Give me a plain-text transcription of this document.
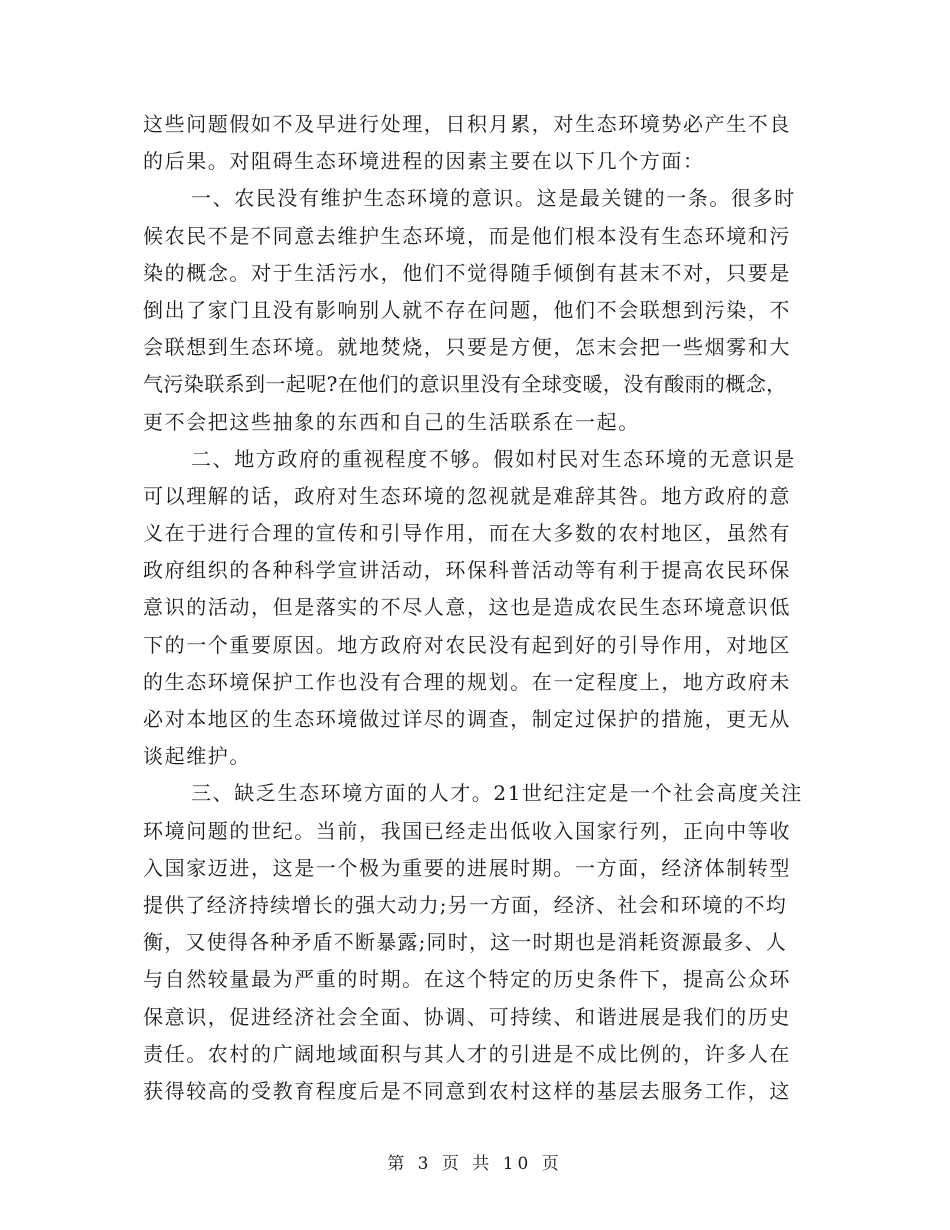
这些问题假如不及早进行处理，日积月累，对生态环境势必产生不良
的后果。对阻碍生态环境进程的因素主要在以下几个方面：
一、农民没有维护生态环境的意识。这是最关键的一条。很多时
候农民不是不同意去维护生态环境，而是他们根本没有生态环境和污
染的概念。对于生活污水，他们不觉得随手倾倒有甚末不对，只要是
倒出了家门且没有影响别人就不存在问题，他们不会联想到污染，不
会联想到生态环境。就地焚烧，只要是方便，怎末会把一些烟雾和大
气污染联系到一起呢?在他们的意识里没有全球变暖，没有酸雨的概念，
更不会把这些抽象的东西和自己的生活联系在一起。
二、地方政府的重视程度不够。假如村民对生态环境的无意识是
可以理解的话，政府对生态环境的忽视就是难辞其咎。地方政府的意
义在于进行合理的宣传和引导作用，而在大多数的农村地区，虽然有
政府组织的各种科学宣讲活动，环保科普活动等有利于提高农民环保
意识的活动，但是落实的不尽人意，这也是造成农民生态环境意识低
下的一个重要原因。地方政府对农民没有起到好的引导作用，对地区
的生态环境保护工作也没有合理的规划。在一定程度上，地方政府未
必对本地区的生态环境做过详尽的调查，制定过保护的措施，更无从
谈起维护。
三、缺乏生态环境方面的人才。21世纪注定是一个社会高度关注
环境问题的世纪。当前，我国已经走出低收入国家行列，正向中等收
入国家迈进，这是一个极为重要的进展时期。一方面，经济体制转型
提供了经济持续增长的强大动力;另一方面，经济、社会和环境的不均
衡，又使得各种矛盾不断暴露;同时，这一时期也是消耗资源最多、人
与自然较量最为严重的时期。在这个特定的历史条件下，提高公众环
保意识，促进经济社会全面、协调、可持续、和谐进展是我们的历史
责任。农村的广阔地域面积与其人才的引进是不成比例的，许多人在
获得较高的受教育程度后是不同意到农村这样的基层去服务工作，这
第 3 页 共 10 页
